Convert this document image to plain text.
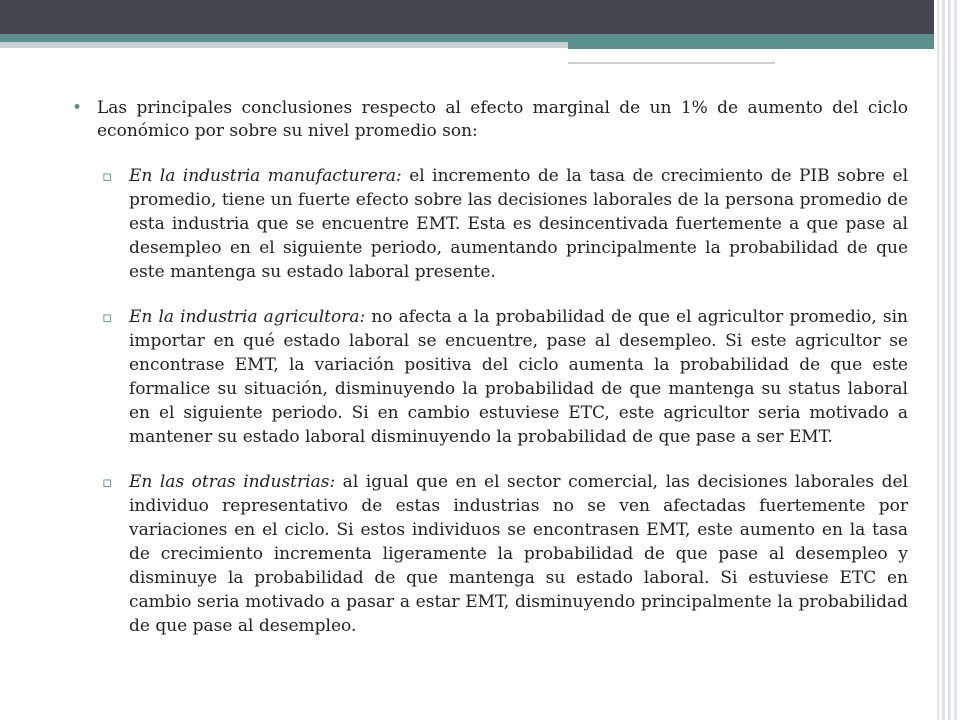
• Las principales conclusiones respecto al efecto marginal de un 1% de aumento del ciclo económico por sobre su nivel promedio son:

▫ En la industria manufacturera: el incremento de la tasa de crecimiento de PIB sobre el promedio, tiene un fuerte efecto sobre las decisiones laborales de la persona promedio de esta industria que se encuentre EMT. Esta es desincentivada fuertemente a que pase al desempleo en el siguiente periodo, aumentando principalmente la probabilidad de que este mantenga su estado laboral presente.

▫ En la industria agricultora: no afecta a la probabilidad de que el agricultor promedio, sin importar en qué estado laboral se encuentre, pase al desempleo. Si este agricultor se encontrase EMT, la variación positiva del ciclo aumenta la probabilidad de que este formalice su situación, disminuyendo la probabilidad de que mantenga su status laboral en el siguiente periodo. Si en cambio estuviese ETC, este agricultor seria motivado a mantener su estado laboral disminuyendo la probabilidad de que pase a ser EMT.

▫ En las otras industrias: al igual que en el sector comercial, las decisiones laborales del individuo representativo de estas industrias no se ven afectadas fuertemente por variaciones en el ciclo. Si estos individuos se encontrasen EMT, este aumento en la tasa de crecimiento incrementa ligeramente la probabilidad de que pase al desempleo y disminuye la probabilidad de que mantenga su estado laboral. Si estuviese ETC en cambio seria motivado a pasar a estar EMT, disminuyendo principalmente la probabilidad de que pase al desempleo.
